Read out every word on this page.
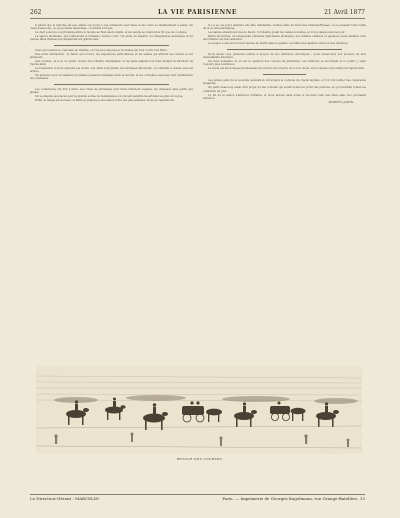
262	LA VIE PARISIENNE	21 Avril 1877

Il paraît que le marché est peu animé ces jours-ci, les acheteurs sont rares et les cours se maintiennent à peine. On cause beaucoup, on se promène davantage, on achète fort peu.

Le clair soleil de ce printemps attire le monde au Bois dès le matin, et les salons se vident plus tôt que de coutume.

La saison mondaine, qui s'annonçait si brillante, tourne court. On parle de départs, de villégiatures anticipées et de petites fêtes intimes qui remplacent les grands bals.

Ceux qui restent se consolent au théâtre, où l'on joue des pièces nouvelles qui font courir tout Paris.

Une autre distraction : le Salon qui s'ouvre, les expositions particulières et les ventes qui attirent les curieux et les amateurs.

Aux courses, on a vu un public choisi, des toilettes charmantes, et les paris allaient bon train malgré la fraîcheur de l'après-midi.

Le boulevard, la nuit, reprend ses droits. Les cafés sont pleins, les terrasses débordent, on s'attarde à causer sous les arbres.

On annonce pour la semaine prochaine plusieurs mariages dans le monde, et les corbeilles exposées font l'admiration des visiteuses.

Les couturières ont fort à faire. Les robes de printemps sont d'une fraîcheur exquise, les chapeaux plus petits que jamais.

On se dispute les places pour la grande soirée de bienfaisance où doivent paraître les artistes les plus en vogue.

Enfin, le temps est au beau, et Paris se prépare à une saison d'été des plus animées. Nous en reparlerons.

Il y a eu ces jours derniers une fête charmante, donnée dans un hôtel des Champs-Élysées, où se pressait toute l'élite de la société parisienne.

Les salons étaient décorés de fleurs, l'orchestre jouait les valses nouvelles, et l'on a dansé jusqu'au jour.

Parmi les invités, on remarquait plusieurs diplomates étrangers, des artistes célèbres et quelques jolies femmes dont les toilettes ont fait sensation.

Le souper a été servi à deux heures du matin dans la galerie, au milieu des plantes vertes et des lumières.

Nous avons reçu plusieurs lettres à propos de nos dernières chroniques ; nous remercions nos lecteurs de leur bienveillante attention.

On nous demande où en est la question des courses de printemps. Les réunions se succèdent et le public y vient toujours plus nombreux.

La mode est aux longues promenades en voiture découverte, et le tour du lac est le rendez-vous obligé de l'après-midi.

Les jeunes gens de la nouvelle génération ont adopté le costume de cheval anglais, et l'on voit défiler des cavalcades élégantes.

On parle beaucoup aussi d'un projet de bal costumé qui serait donné au profit des pauvres, et qui réunirait toutes les célébrités du jour.

La fin de la saison s'annonce brillante, et nous aurons sans doute à raconter bien des fêtes dans nos prochains numéros.

MARCEL JANIN.
RETOUR DES COURSES.
Le Directeur-Gérant : MARCELIN.	Paris. — Imprimerie de Georges Kugelmann, rue Grange-Batelière, 13
